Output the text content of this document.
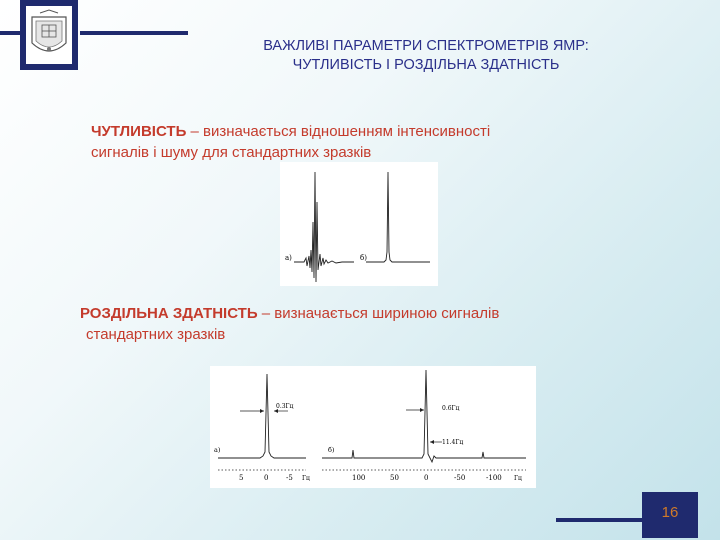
ВАЖЛИВІ ПАРАМЕТРИ СПЕКТРОМЕТРІВ ЯМР:
ЧУТЛИВІСТЬ І РОЗДІЛЬНА ЗДАТНІСТЬ
ЧУТЛИВІСТЬ – визначається відношенням інтенсивності
сигналів і шуму для стандартних зразків
а)	б)
РОЗДІЛЬНА ЗДАТНІСТЬ – визначається шириною сигналів
стандартних зразків
а)
0.3Гц
5	0	-5 Гц
б)
0.6Гц
11.4Гц
100	50	0	-50	-100 Гц
16
